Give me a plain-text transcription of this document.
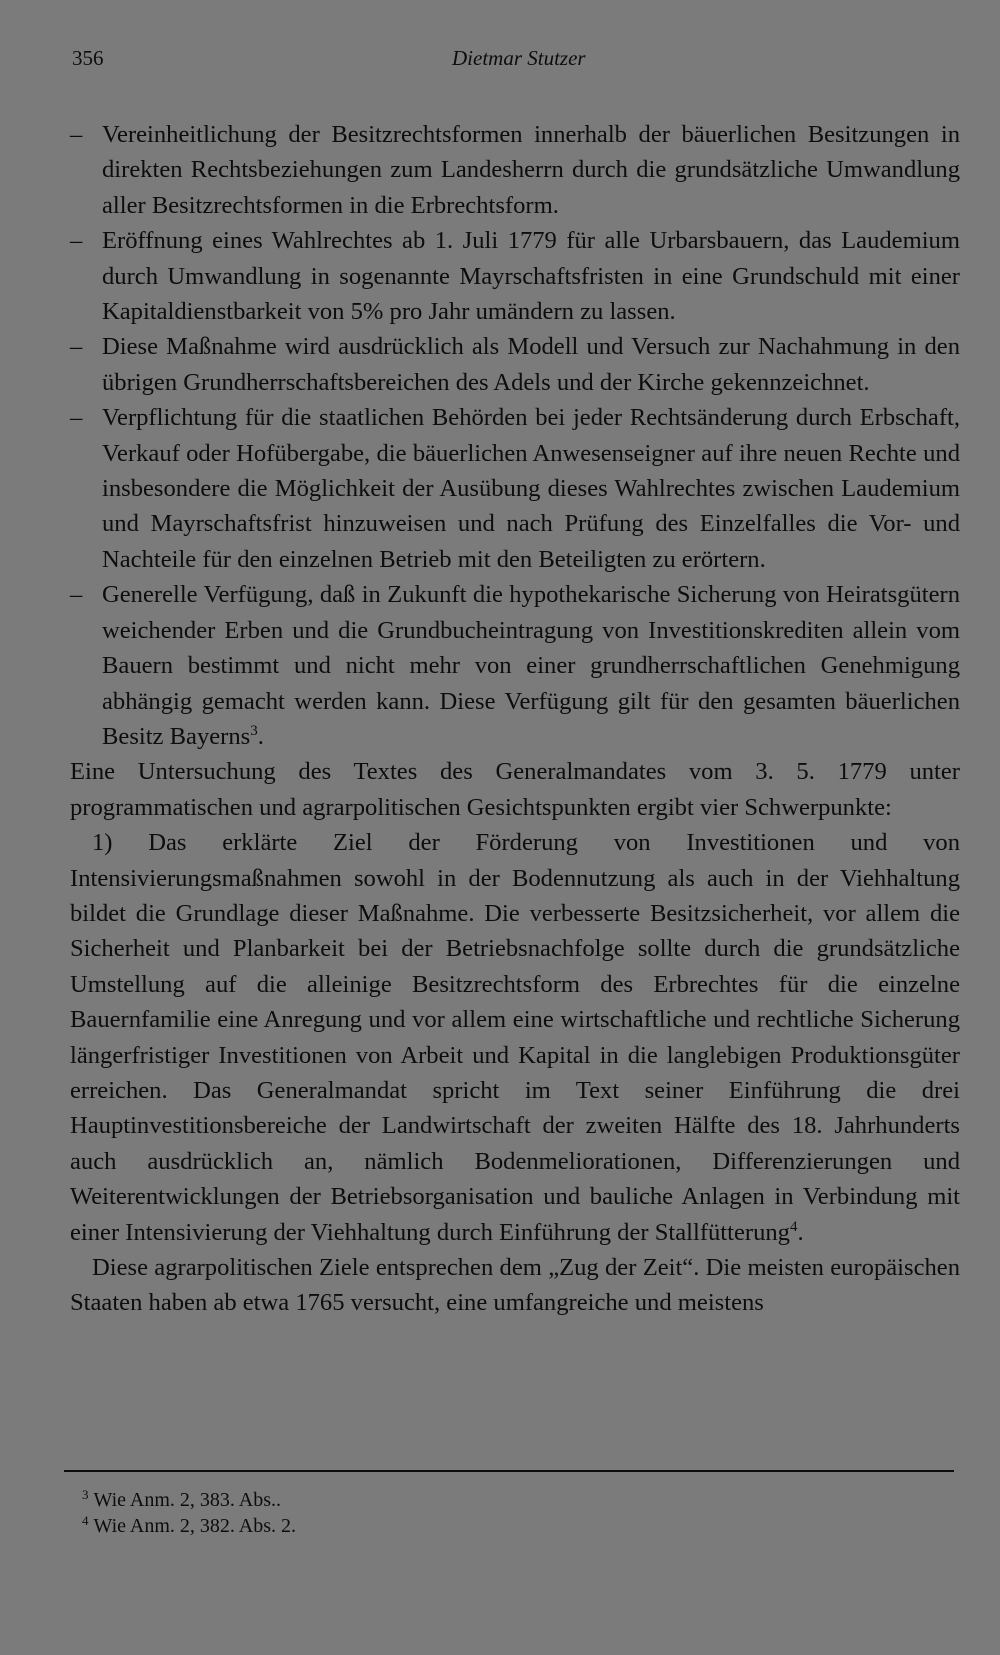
356	Dietmar Stutzer

– Vereinheitlichung der Besitzrechtsformen innerhalb der bäuerlichen Besitzungen in direkten Rechtsbeziehungen zum Landesherrn durch die grundsätzliche Umwandlung aller Besitzrechtsformen in die Erbrechtsform.

– Eröffnung eines Wahlrechtes ab 1. Juli 1779 für alle Urbarsbauern, das Laudemium durch Umwandlung in sogenannte Mayrschaftsfristen in eine Grundschuld mit einer Kapitaldienstbarkeit von 5% pro Jahr umändern zu lassen.

– Diese Maßnahme wird ausdrücklich als Modell und Versuch zur Nachahmung in den übrigen Grundherrschaftsbereichen des Adels und der Kirche gekennzeichnet.

– Verpflichtung für die staatlichen Behörden bei jeder Rechtsänderung durch Erbschaft, Verkauf oder Hofübergabe, die bäuerlichen Anwesenseigner auf ihre neuen Rechte und insbesondere die Möglichkeit der Ausübung dieses Wahlrechtes zwischen Laudemium und Mayrschaftsfrist hinzuweisen und nach Prüfung des Einzelfalles die Vor- und Nachteile für den einzelnen Betrieb mit den Beteiligten zu erörtern.

– Generelle Verfügung, daß in Zukunft die hypothekarische Sicherung von Heiratsgütern weichender Erben und die Grundbucheintragung von Investitionskrediten allein vom Bauern bestimmt und nicht mehr von einer grundherrschaftlichen Genehmigung abhängig gemacht werden kann. Diese Verfügung gilt für den gesamten bäuerlichen Besitz Bayerns$^3$.

Eine Untersuchung des Textes des Generalmandates vom 3. 5. 1779 unter programmatischen und agrarpolitischen Gesichtspunkten ergibt vier Schwerpunkte:

1) Das erklärte Ziel der Förderung von Investitionen und von Intensivierungsmaßnahmen sowohl in der Bodennutzung als auch in der Viehhaltung bildet die Grundlage dieser Maßnahme. Die verbesserte Besitzsicherheit, vor allem die Sicherheit und Planbarkeit bei der Betriebsnachfolge sollte durch die grundsätzliche Umstellung auf die alleinige Besitzrechtsform des Erbrechtes für die einzelne Bauernfamilie eine Anregung und vor allem eine wirtschaftliche und rechtliche Sicherung längerfristiger Investitionen von Arbeit und Kapital in die langlebigen Produktionsgüter erreichen. Das Generalmandat spricht im Text seiner Einführung die drei Hauptinvestitionsbereiche der Landwirtschaft der zweiten Hälfte des 18. Jahrhunderts auch ausdrücklich an, nämlich Bodenmeliorationen, Differenzierungen und Weiterentwicklungen der Betriebsorganisation und bauliche Anlagen in Verbindung mit einer Intensivierung der Viehhaltung durch Einführung der Stallfütterung$^4$.

Diese agrarpolitischen Ziele entsprechen dem „Zug der Zeit“. Die meisten europäischen Staaten haben ab etwa 1765 versucht, eine umfangreiche und meistens

$^3$ Wie Anm. 2, 383. Abs..

$^4$ Wie Anm. 2, 382. Abs. 2.
